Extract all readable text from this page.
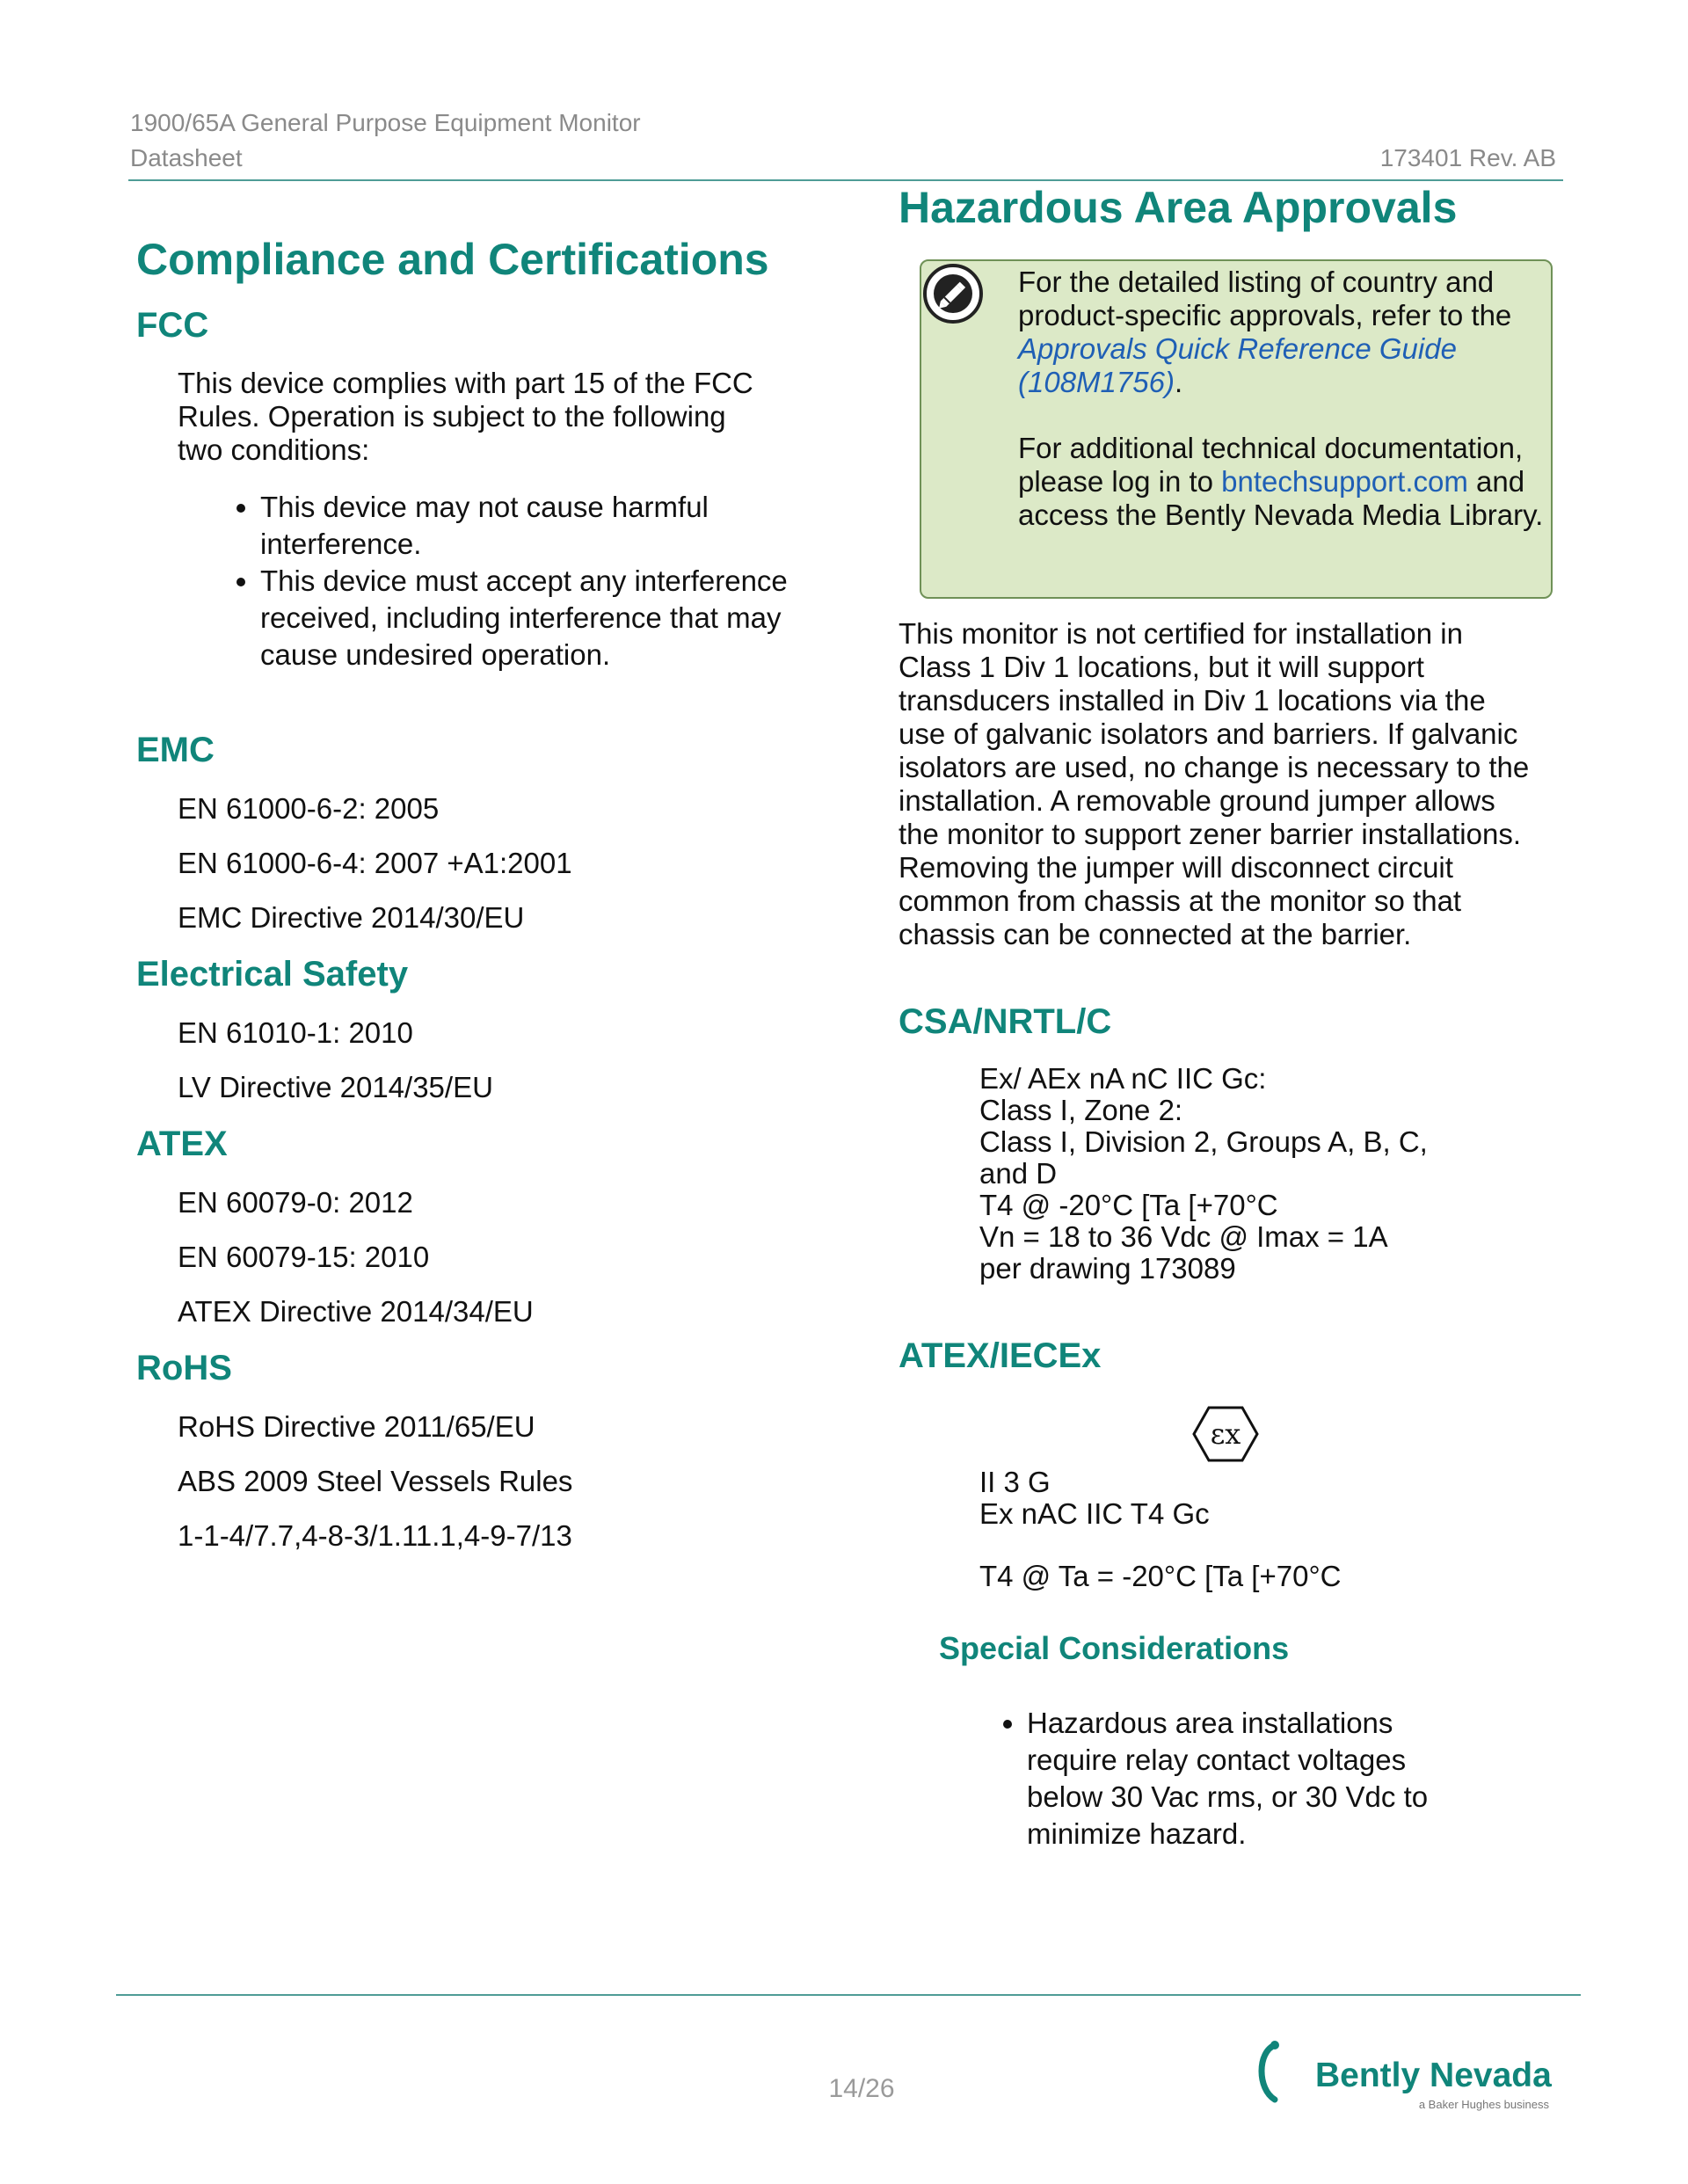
1900/65A General Purpose Equipment Monitor
Datasheet	173401 Rev. AB
Compliance and Certifications
FCC
This device complies with part 15 of the FCC Rules. Operation is subject to the following two conditions:
• This device may not cause harmful interference.
• This device must accept any interference received, including interference that may cause undesired operation.
EMC
EN 61000-6-2: 2005
EN 61000-6-4: 2007 +A1:2001
EMC Directive 2014/30/EU
Electrical Safety
EN 61010-1: 2010
LV Directive 2014/35/EU
ATEX
EN 60079-0: 2012
EN 60079-15: 2010
ATEX Directive 2014/34/EU
RoHS
RoHS Directive 2011/65/EU
ABS 2009 Steel Vessels Rules
1-1-4/7.7,4-8-3/1.11.1,4-9-7/13
Hazardous Area Approvals
For the detailed listing of country and product-specific approvals, refer to the Approvals Quick Reference Guide (108M1756).
For additional technical documentation, please log in to bntechsupport.com and access the Bently Nevada Media Library.
This monitor is not certified for installation in Class 1 Div 1 locations, but it will support transducers installed in Div 1 locations via the use of galvanic isolators and barriers. If galvanic isolators are used, no change is necessary to the installation. A removable ground jumper allows the monitor to support zener barrier installations. Removing the jumper will disconnect circuit common from chassis at the monitor so that chassis can be connected at the barrier.
CSA/NRTL/C
Ex/ AEx nA nC IIC Gc:
Class I, Zone 2:
Class I, Division 2, Groups A, B, C,
and D
T4 @ -20°C [Ta [+70°C
Vn = 18 to 36 Vdc @ Imax = 1A
per drawing 173089
ATEX/IECEx
εx
II 3 G
Ex nAC IIC T4 Gc
T4 @ Ta = -20°C [Ta [+70°C
Special Considerations
• Hazardous area installations require relay contact voltages below 30 Vac rms, or 30 Vdc to minimize hazard.
14/26	Bently Nevada
a Baker Hughes business
